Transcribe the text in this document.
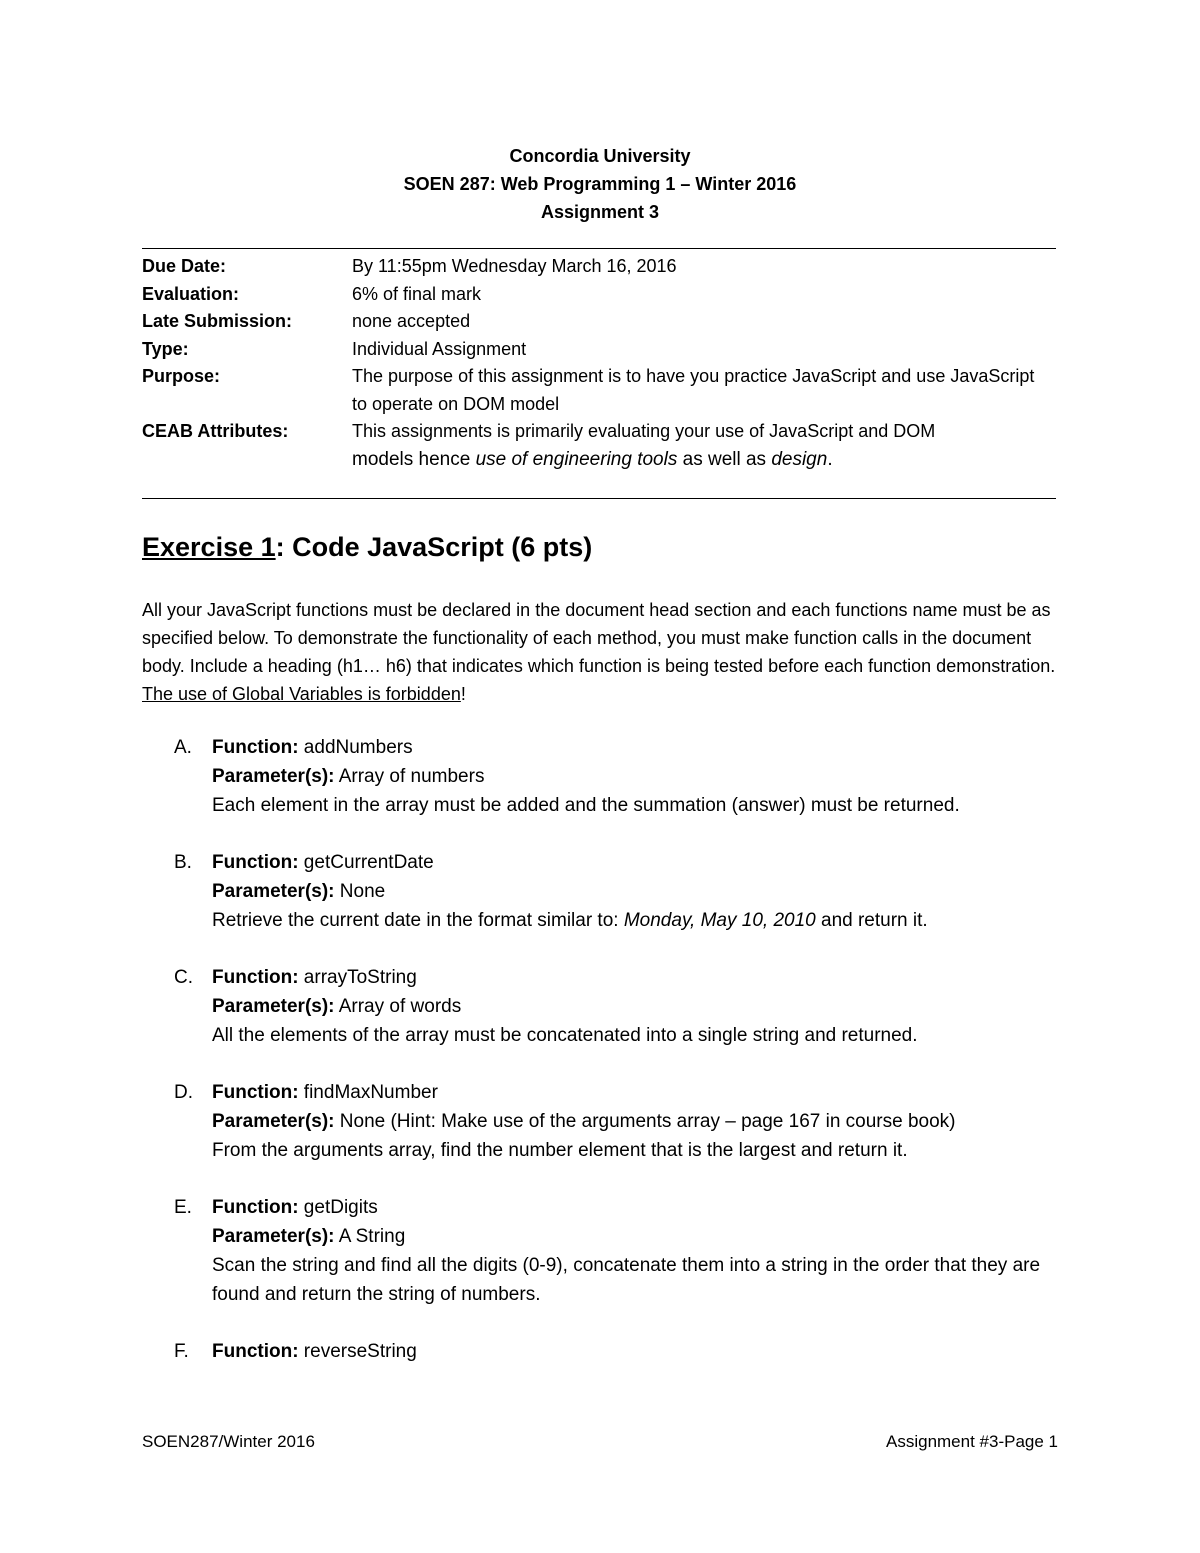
Concordia University
SOEN 287: Web Programming 1 – Winter 2016
Assignment 3
Due Date:	By 11:55pm Wednesday March 16, 2016
Evaluation:	6% of final mark
Late Submission:	none accepted
Type:	Individual Assignment
Purpose:	The purpose of this assignment is to have you practice JavaScript and use JavaScript to operate on DOM model
CEAB Attributes:	This assignments is primarily evaluating your use of JavaScript and DOM
models hence use of engineering tools as well as design.
Exercise 1: Code JavaScript (6 pts)
All your JavaScript functions must be declared in the document head section and each functions name must be as specified below. To demonstrate the functionality of each method, you must make function calls in the document body. Include a heading (h1… h6) that indicates which function is being tested before each function demonstration. The use of Global Variables is forbidden!
A.	Function: addNumbers
Parameter(s): Array of numbers
Each element in the array must be added and the summation (answer) must be returned.
B.	Function: getCurrentDate
Parameter(s): None
Retrieve the current date in the format similar to: Monday, May 10, 2010 and return it.
C.	Function: arrayToString
Parameter(s): Array of words
All the elements of the array must be concatenated into a single string and returned.
D.	Function: findMaxNumber
Parameter(s): None (Hint: Make use of the arguments array – page 167 in course book)
From the arguments array, find the number element that is the largest and return it.
E.	Function: getDigits
Parameter(s): A String
Scan the string and find all the digits (0-9), concatenate them into a string in the order that they are found and return the string of numbers.
F.	Function: reverseString
SOEN287/Winter 2016	Assignment #3-Page 1
